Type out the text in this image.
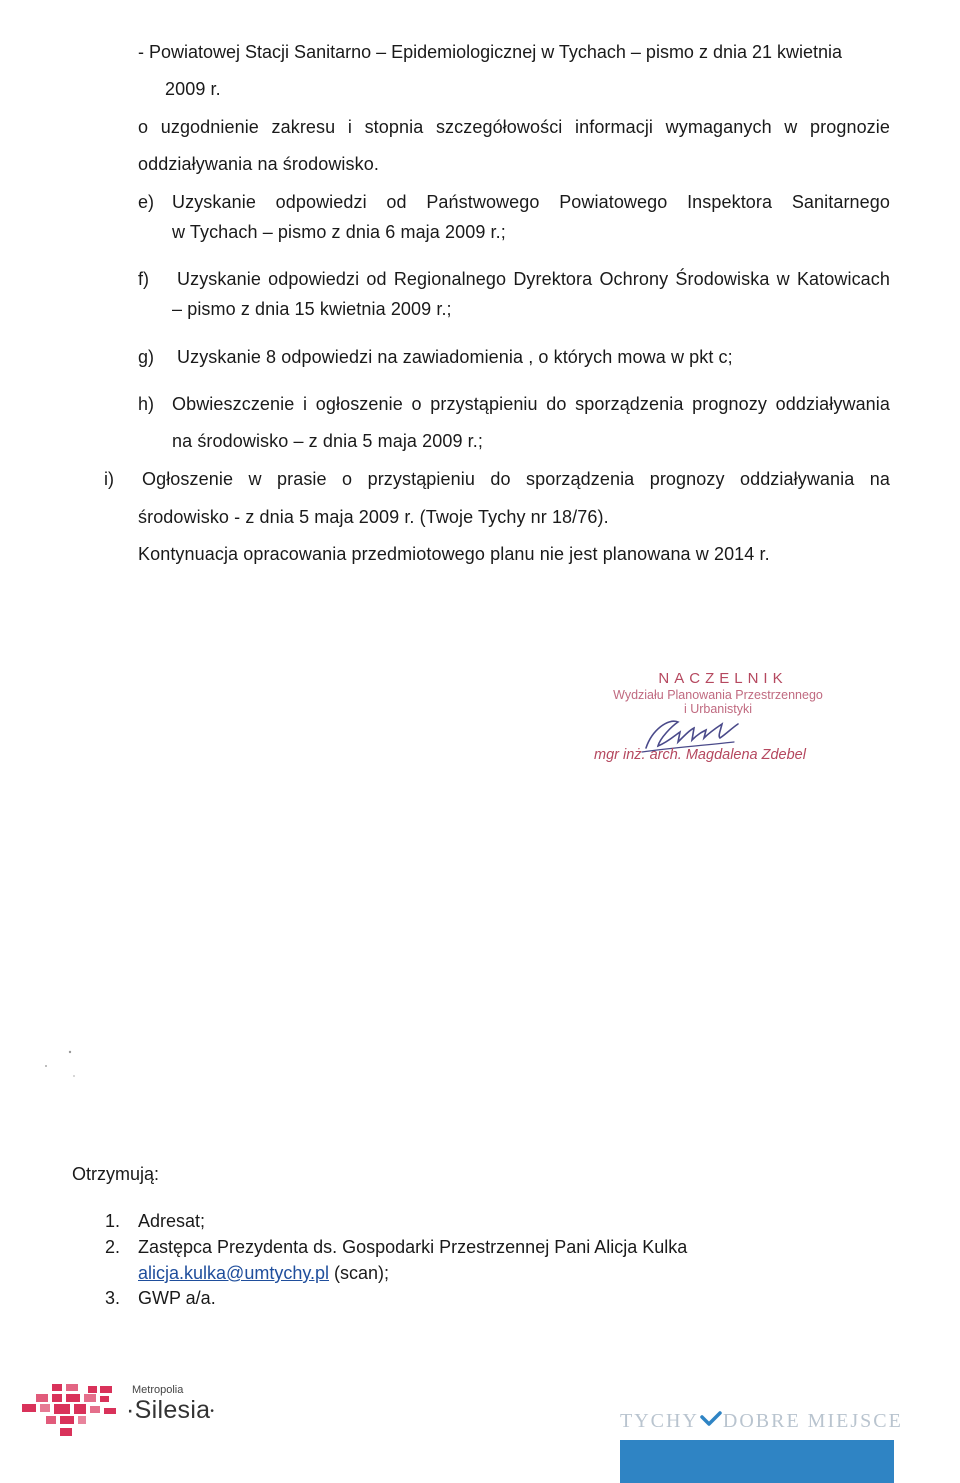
- Powiatowej Stacji Sanitarno – Epidemiologicznej w Tychach – pismo z dnia 21 kwietnia
2009 r.
o uzgodnienie zakresu i stopnia szczegółowości informacji wymaganych w prognozie
oddziaływania na środowisko.
e) Uzyskanie odpowiedzi od Państwowego Powiatowego Inspektora Sanitarnego
w Tychach – pismo z dnia 6 maja 2009 r.;
f) Uzyskanie odpowiedzi od Regionalnego Dyrektora Ochrony Środowiska w Katowicach
– pismo z dnia 15 kwietnia 2009 r.;
g) Uzyskanie 8 odpowiedzi na zawiadomienia , o których mowa w pkt c;
h) Obwieszczenie i ogłoszenie o przystąpieniu do sporządzenia prognozy oddziaływania
na środowisko – z dnia 5 maja 2009 r.;
i) Ogłoszenie w prasie o przystąpieniu do sporządzenia prognozy oddziaływania na
środowisko - z dnia 5 maja 2009 r. (Twoje Tychy nr 18/76).
Kontynuacja opracowania przedmiotowego planu nie jest planowana w 2014 r.
NACZELNIK
Wydziału Planowania Przestrzennego
i Urbanistyki
mgr inż. arch. Magdalena Zdebel
Otrzymują:
1. Adresat;
2. Zastępca Prezydenta ds. Gospodarki Przestrzennej Pani Alicja Kulka
alicja.kulka@umtychy.pl (scan);
3. GWP a/a.
Metropolia
·Silesia•	TYCHY DOBRE MIEJSCE
